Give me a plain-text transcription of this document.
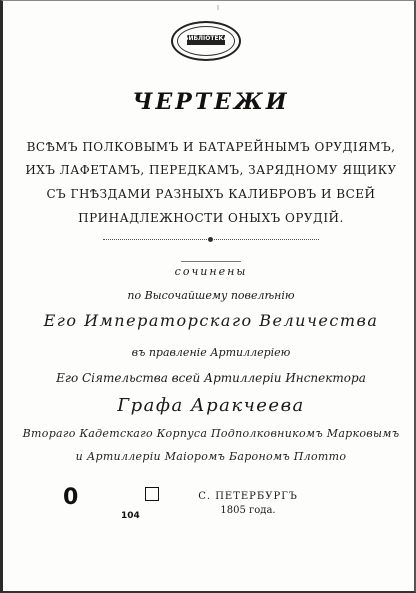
I
БИБЛІОТЕКА
ЧЕРТЕЖИ
ВСѢМЪ ПОЛКОВЫМЪ И БАТАРЕЙНЫМЪ ОРУДІЯМЪ,
ИХЪ ЛАФЕТАМЪ, ПЕРЕДКАМЪ, ЗАРЯДНОМУ ЯЩИКУ
СЪ ГНѢЗДАМИ РАЗНЫХЪ КАЛИБРОВЪ И ВСЕЙ
ПРИНАДЛЕЖНОСТИ ОНЫХЪ ОРУДІЙ.
сочинены
по Высочайшему повелѣнію
Его Императорскаго Величества
въ правленіе Артиллеріею
Его Сіятельства всей Артиллеріи Инспектора
Графа Аракчеева
Втораго Кадетскаго Корпуса Подполковникомъ Марковымъ
и Артиллеріи Маіоромъ Барономъ Плотто
0
104
С. ПЕТЕРБУРГЪ
1805 года.
